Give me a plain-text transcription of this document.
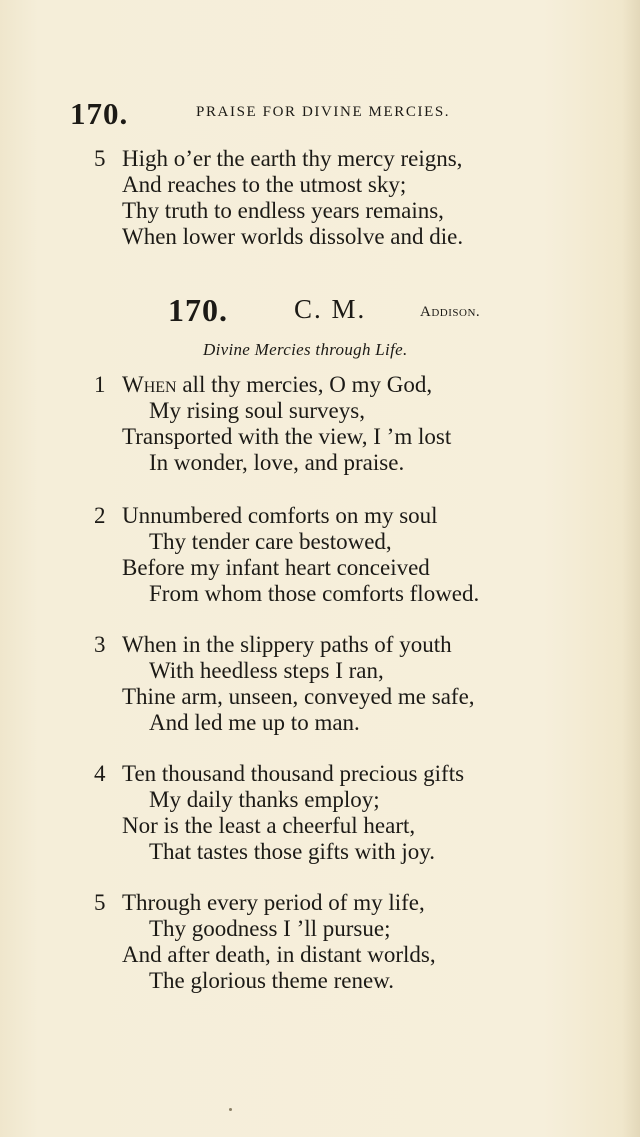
170.	PRAISE FOR DIVINE MERCIES.
5 High o’er the earth thy mercy reigns,
And reaches to the utmost sky;
Thy truth to endless years remains,
When lower worlds dissolve and die.
170. C. M.	Addison.
Divine Mercies through Life.
1 When all thy mercies, O my God,
My rising soul surveys,
Transported with the view, I ’m lost
In wonder, love, and praise.
2 Unnumbered comforts on my soul
Thy tender care bestowed,
Before my infant heart conceived
From whom those comforts flowed.
3 When in the slippery paths of youth
With heedless steps I ran,
Thine arm, unseen, conveyed me safe,
And led me up to man.
4 Ten thousand thousand precious gifts
My daily thanks employ;
Nor is the least a cheerful heart,
That tastes those gifts with joy.
5 Through every period of my life,
Thy goodness I ’ll pursue;
And after death, in distant worlds,
The glorious theme renew.
